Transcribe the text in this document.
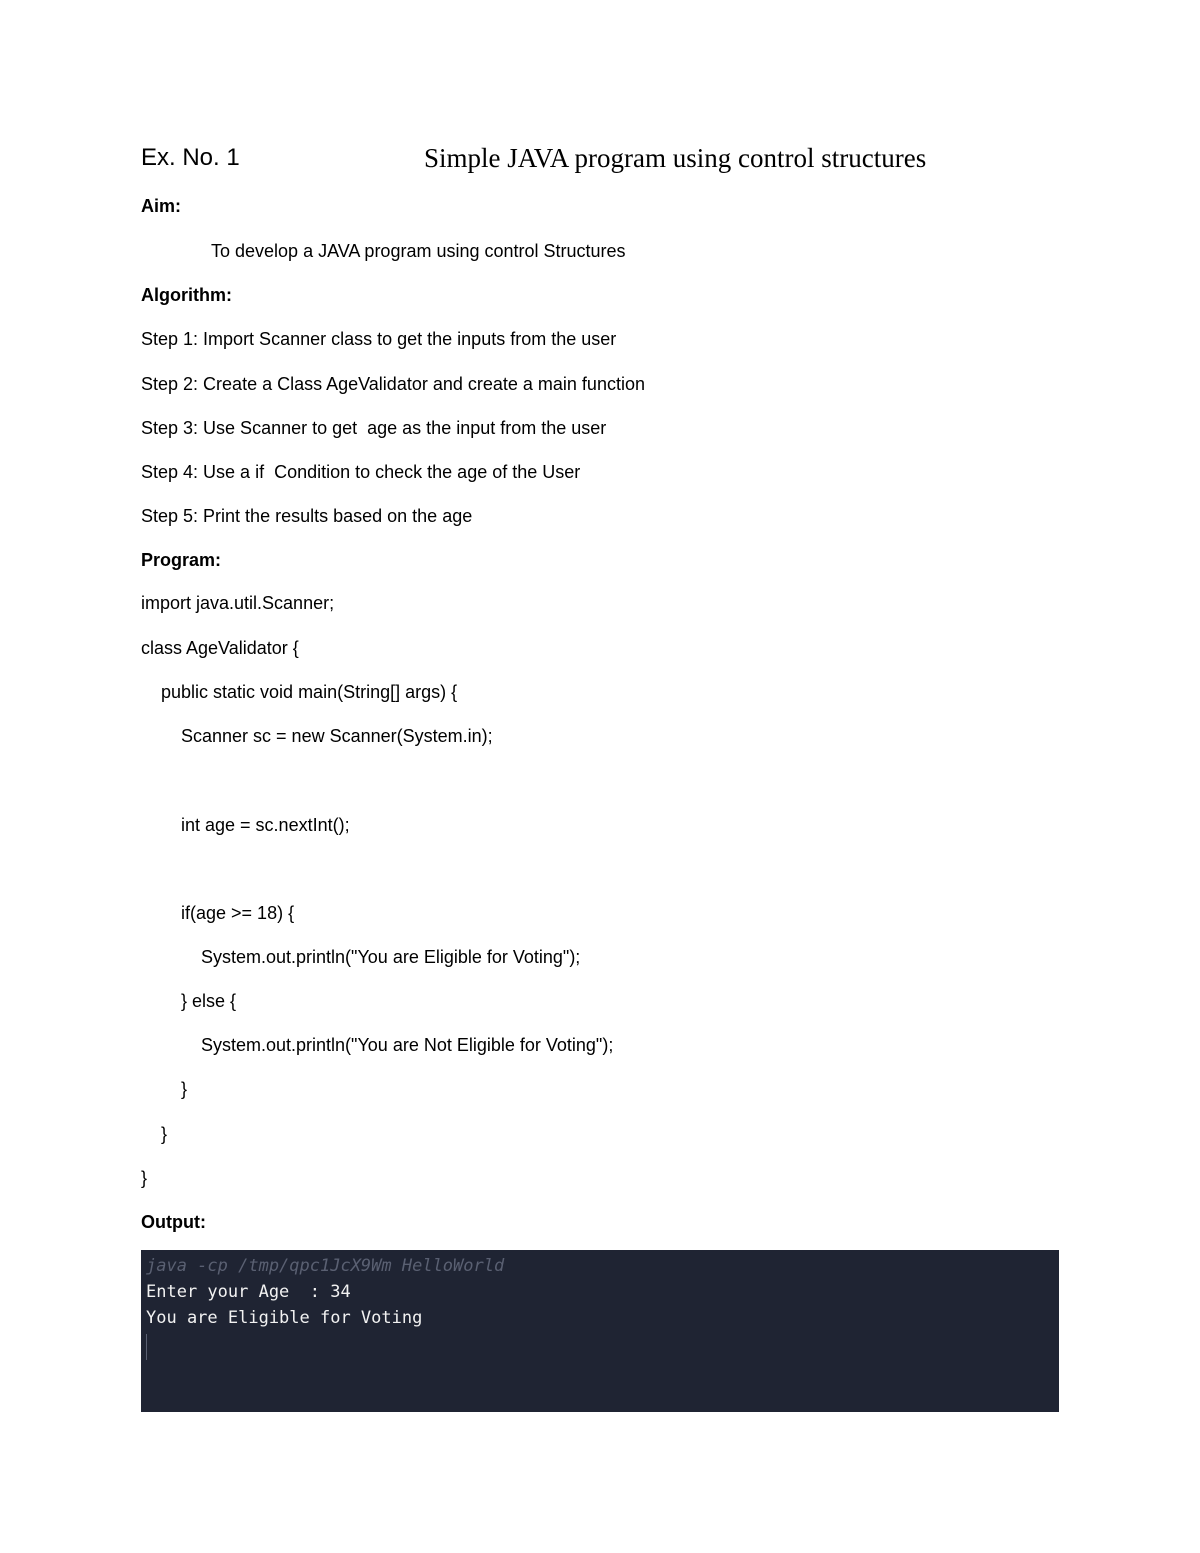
Ex. No. 1	Simple JAVA program using control structures
Aim:
To develop a JAVA program using control Structures
Algorithm:
Step 1: Import Scanner class to get the inputs from the user
Step 2: Create a Class AgeValidator and create a main function
Step 3: Use Scanner to get  age as the input from the user
Step 4: Use a if  Condition to check the age of the User
Step 5: Print the results based on the age
Program:
import java.util.Scanner;
class AgeValidator {
public static void main(String[] args) {
Scanner sc = new Scanner(System.in);
int age = sc.nextInt();
if(age >= 18) {
System.out.println("You are Eligible for Voting");
} else {
System.out.println("You are Not Eligible for Voting");
}
}
}
Output:
java -cp /tmp/qpc1JcX9Wm HelloWorld
Enter your Age  : 34
You are Eligible for Voting
